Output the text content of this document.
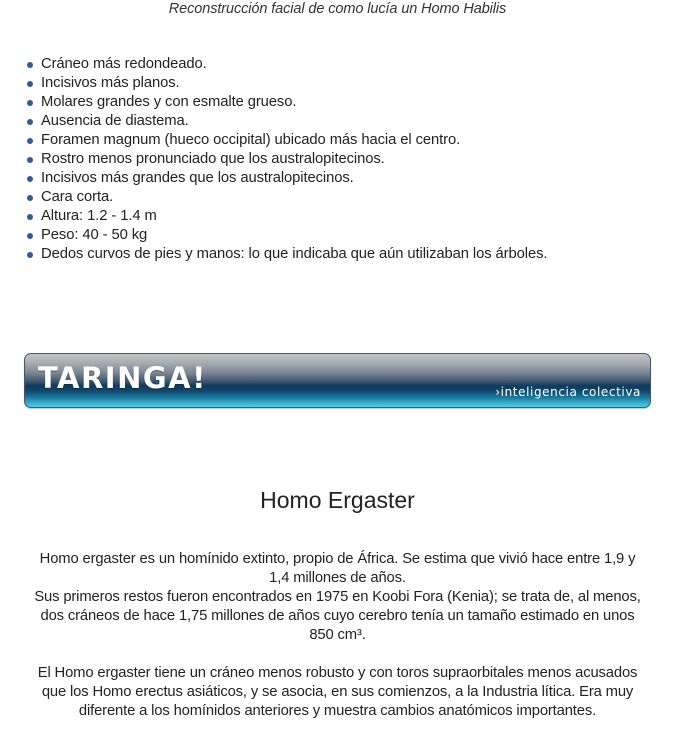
Reconstrucción facial de como lucía un Homo Habilis
Cráneo más redondeado.
Incisivos más planos.
Molares grandes y con esmalte grueso.
Ausencia de diastema.
Foramen magnum (hueco occipital) ubicado más hacia el centro.
Rostro menos pronunciado que los australopitecinos.
Incisivos más grandes que los australopitecinos.
Cara corta.
Altura: 1.2 - 1.4 m
Peso: 40 - 50 kg
Dedos curvos de pies y manos: lo que indicaba que aún utilizaban los árboles.
TARINGA!	›inteligencia colectiva
Homo Ergaster

Homo ergaster es un homínido extinto, propio de África. Se estima que vivió hace entre 1,9 y
1,4 millones de años.
Sus primeros restos fueron encontrados en 1975 en Koobi Fora (Kenia); se trata de, al menos,
dos cráneos de hace 1,75 millones de años cuyo cerebro tenía un tamaño estimado en unos
850 cm³.

El Homo ergaster tiene un cráneo menos robusto y con toros supraorbitales menos acusados
que los Homo erectus asiáticos, y se asocia, en sus comienzos, a la Industria lítica. Era muy
diferente a los homínidos anteriores y muestra cambios anatómicos importantes.
